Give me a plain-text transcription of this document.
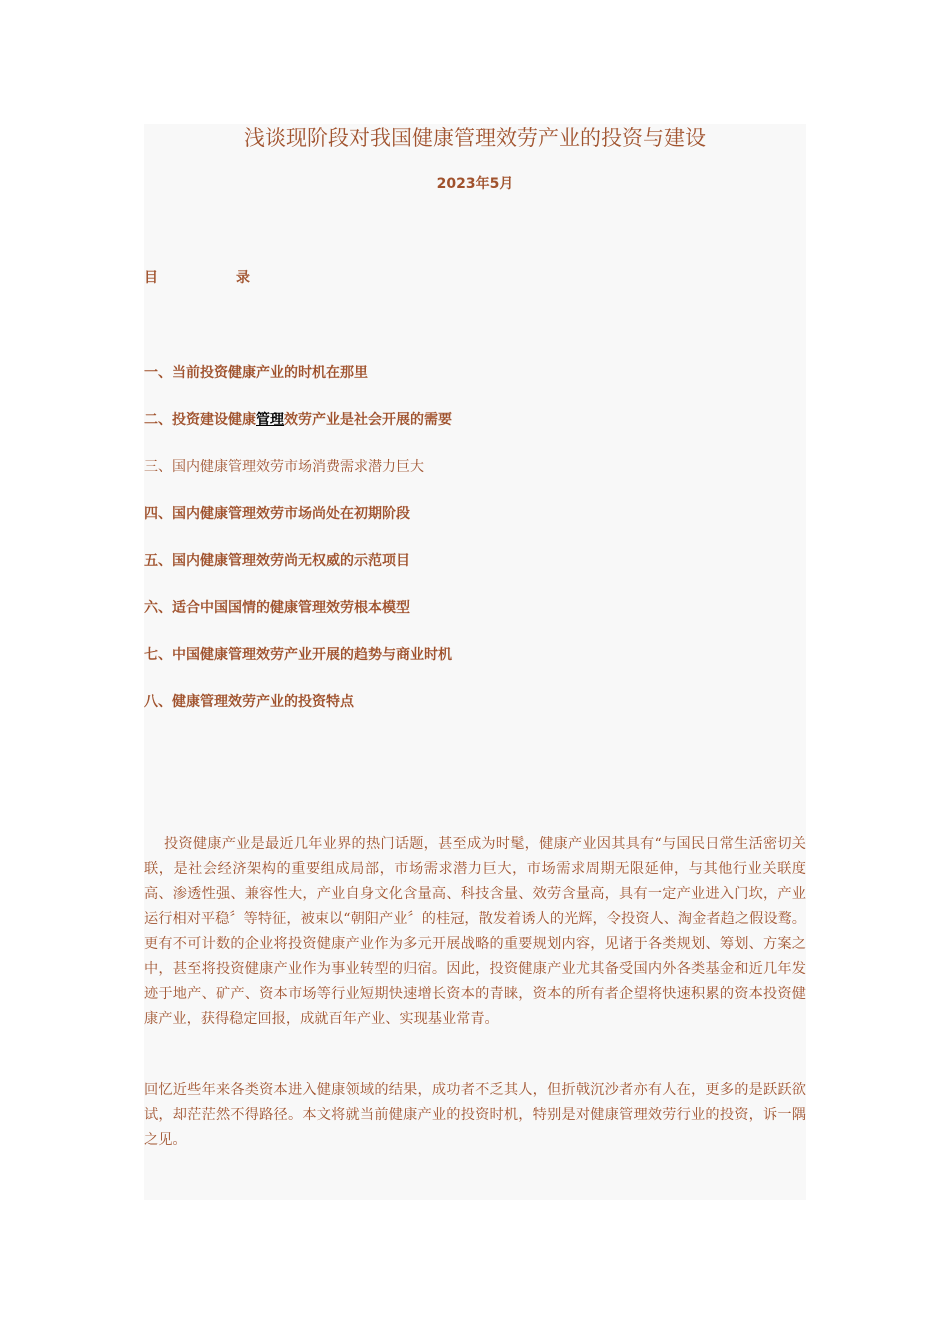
浅谈现阶段对我国健康管理效劳产业的投资与建设
2023年5月
目                录
一、当前投资健康产业的时机在那里
二、投资建设健康管理效劳产业是社会开展的需要
三、国内健康管理效劳市场消费需求潜力巨大
四、国内健康管理效劳市场尚处在初期阶段
五、国内健康管理效劳尚无权威的示范项目
六、适合中国国情的健康管理效劳根本模型
七、中国健康管理效劳产业开展的趋势与商业时机
八、健康管理效劳产业的投资特点

投资健康产业是最近几年业界的热门话题，甚至成为时髦，健康产业因其具有“与国民日常生活密切关联，是社会经济架构的重要组成局部，市场需求潜力巨大，市场需求周期无限延伸，与其他行业关联度高、渗透性强、兼容性大，产业自身文化含量高、科技含量、效劳含量高，具有一定产业进入门坎，产业运行相对平稳〞等特征，被束以“朝阳产业〞的桂冠，散发着诱人的光辉，令投资人、淘金者趋之假设鹜。更有不可计数的企业将投资健康产业作为多元开展战略的重要规划内容，见诸于各类规划、筹划、方案之中，甚至将投资健康产业作为事业转型的归宿。因此，投资健康产业尤其备受国内外各类基金和近几年发迹于地产、矿产、资本市场等行业短期快速增长资本的青睐，资本的所有者企望将快速积累的资本投资健康产业，获得稳定回报，成就百年产业、实现基业常青。

回忆近些年来各类资本进入健康领域的结果，成功者不乏其人，但折戟沉沙者亦有人在，更多的是跃跃欲试，却茫茫然不得路径。本文将就当前健康产业的投资时机，特别是对健康管理效劳行业的投资，诉一隅之见。
